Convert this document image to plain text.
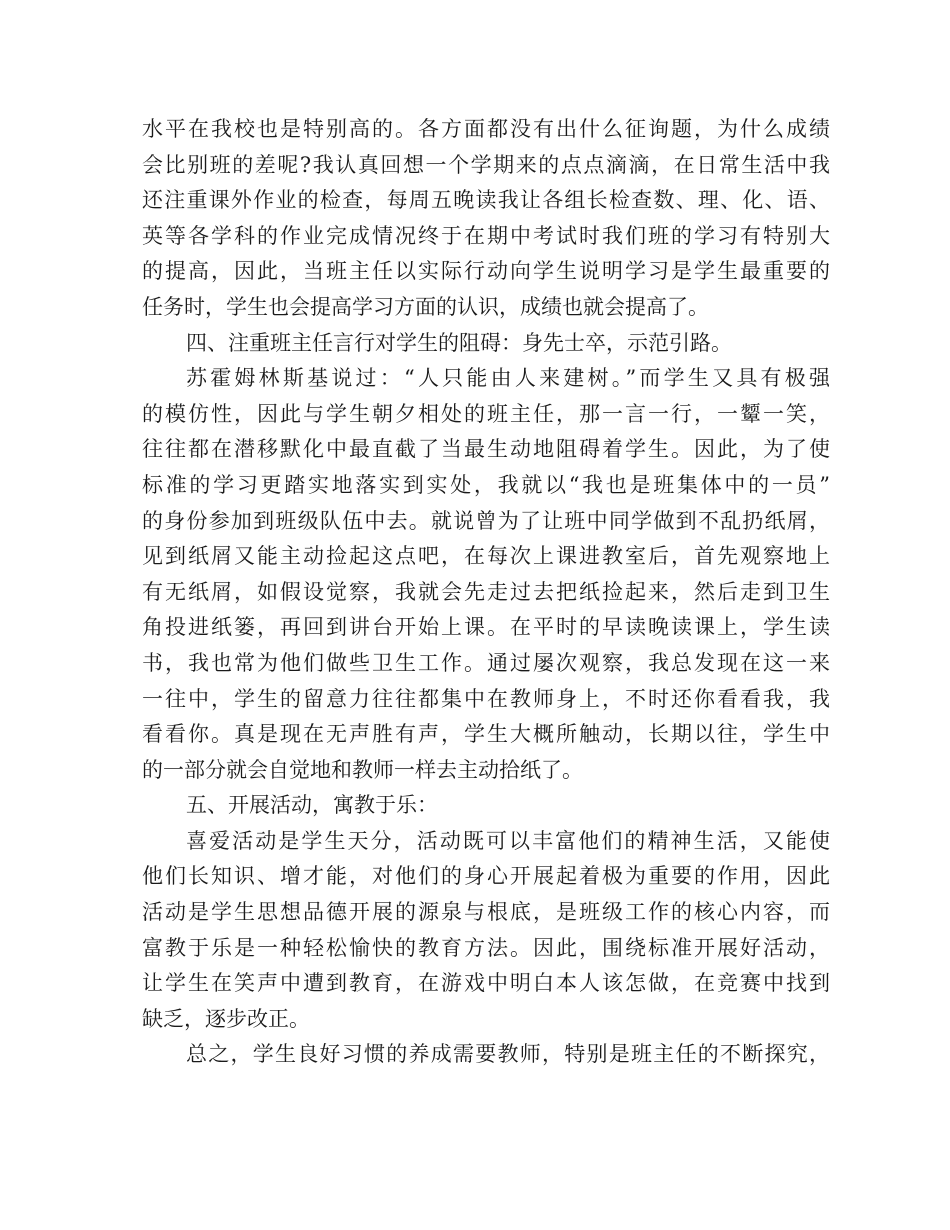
水平在我校也是特别高的。各方面都没有出什么征询题，为什么成绩
会比别班的差呢?我认真回想一个学期来的点点滴滴，在日常生活中我
还注重课外作业的检查，每周五晚读我让各组长检查数、理、化、语、
英等各学科的作业完成情况终于在期中考试时我们班的学习有特别大
的提高，因此，当班主任以实际行动向学生说明学习是学生最重要的
任务时，学生也会提高学习方面的认识，成绩也就会提高了。
四、注重班主任言行对学生的阻碍：身先士卒，示范引路。
苏霍姆林斯基说过：“人只能由人来建树。”而学生又具有极强
的模仿性，因此与学生朝夕相处的班主任，那一言一行，一颦一笑，
往往都在潜移默化中最直截了当最生动地阻碍着学生。因此，为了使
标准的学习更踏实地落实到实处，我就以“我也是班集体中的一员”
的身份参加到班级队伍中去。就说曾为了让班中同学做到不乱扔纸屑，
见到纸屑又能主动捡起这点吧，在每次上课进教室后，首先观察地上
有无纸屑，如假设觉察，我就会先走过去把纸捡起来，然后走到卫生
角投进纸篓，再回到讲台开始上课。在平时的早读晚读课上，学生读
书，我也常为他们做些卫生工作。通过屡次观察，我总发现在这一来
一往中，学生的留意力往往都集中在教师身上，不时还你看看我，我
看看你。真是现在无声胜有声，学生大概所触动，长期以往，学生中
的一部分就会自觉地和教师一样去主动拾纸了。
五、开展活动，寓教于乐：
喜爱活动是学生天分，活动既可以丰富他们的精神生活，又能使
他们长知识、增才能，对他们的身心开展起着极为重要的作用，因此
活动是学生思想品德开展的源泉与根底，是班级工作的核心内容，而
富教于乐是一种轻松愉快的教育方法。因此，围绕标准开展好活动，
让学生在笑声中遭到教育，在游戏中明白本人该怎做，在竞赛中找到
缺乏，逐步改正。
总之，学生良好习惯的养成需要教师，特别是班主任的不断探究，
